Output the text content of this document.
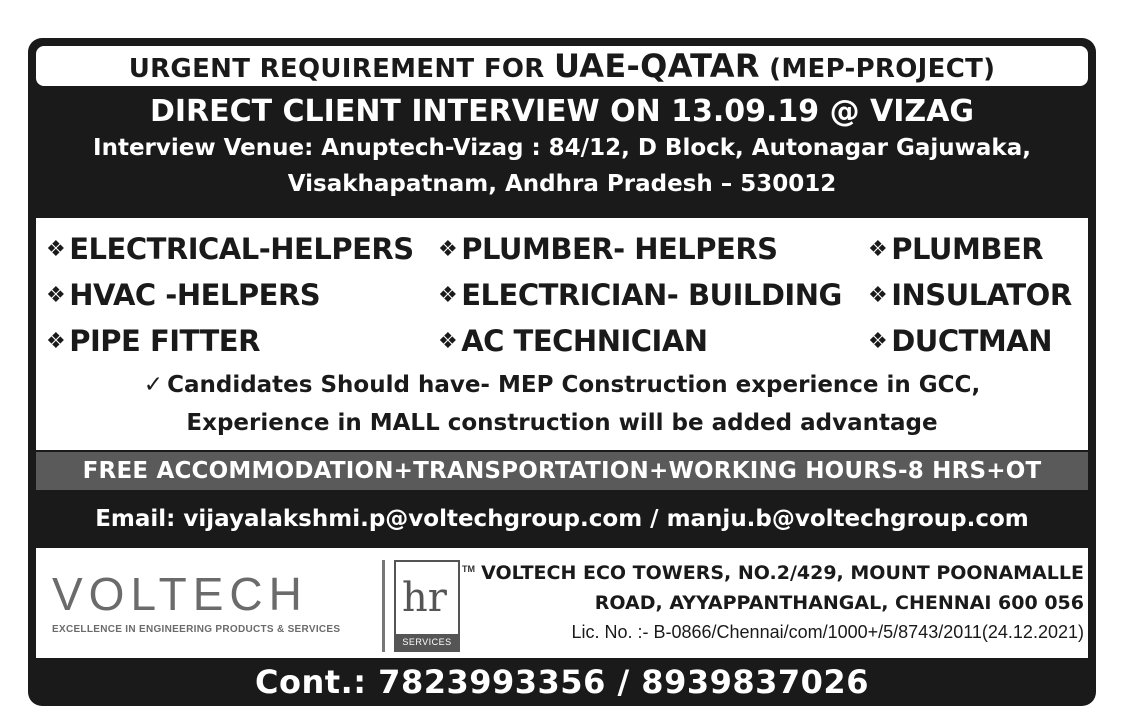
URGENT REQUIREMENT FOR UAE-QATAR (MEP-PROJECT)
DIRECT CLIENT INTERVIEW ON 13.09.19 @ VIZAG
Interview Venue: Anuptech-Vizag : 84/12, D Block, Autonagar Gajuwaka,
Visakhapatnam, Andhra Pradesh – 530012
❖ ELECTRICAL-HELPERS ❖ PLUMBER- HELPERS	❖ PLUMBER
❖ HVAC -HELPERS	❖ ELECTRICIAN- BUILDING ❖ INSULATOR
❖ PIPE FITTER	❖ AC TECHNICIAN	❖ DUCTMAN
✓ Candidates Should have- MEP Construction experience in GCC,
Experience in MALL construction will be added advantage
FREE ACCOMMODATION+TRANSPORTATION+WORKING HOURS-8 HRS+OT
Email: vijayalakshmi.p@voltechgroup.com / manju.b@voltechgroup.com
VOLTECH
EXCELLENCE IN ENGINEERING PRODUCTS & SERVICES
hr
SERVICES
TM VOLTECH ECO TOWERS, NO.2/429, MOUNT POONAMALLE
ROAD, AYYAPPANTHANGAL, CHENNAI 600 056
Lic. No. :- B-0866/Chennai/com/1000+/5/8743/2011(24.12.2021)
Cont.: 7823993356 / 8939837026
